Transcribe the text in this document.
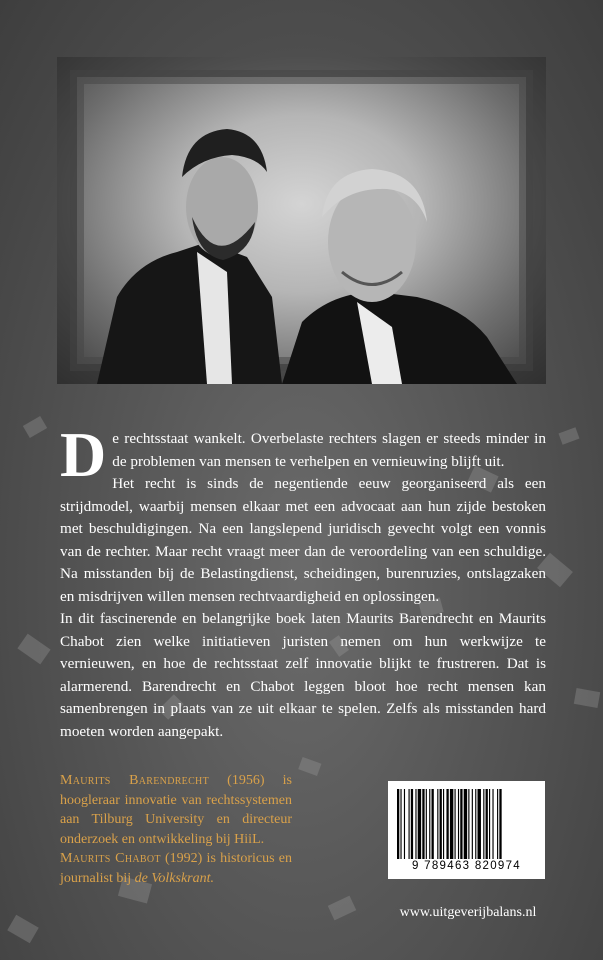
De rechtsstaat wankelt. Overbelaste rechters slagen er steeds minder in de problemen van mensen te verhelpen en vernieuwing blijft uit.

Het recht is sinds de negentiende eeuw georganiseerd als een strijdmodel, waarbij mensen elkaar met een advocaat aan hun zijde bestoken met beschuldigingen. Na een langslepend juridisch gevecht volgt een vonnis van de rechter. Maar recht vraagt meer dan de veroordeling van een schuldige. Na misstanden bij de Belastingdienst, scheidingen, burenruzies, ontslagzaken en misdrijven willen mensen rechtvaardigheid en oplossingen.

In dit fascinerende en belangrijke boek laten Maurits Barendrecht en Maurits Chabot zien welke initiatieven juristen nemen om hun werkwijze te vernieuwen, en hoe de rechtsstaat zelf innovatie blijkt te frustreren. Dat is alarmerend. Barendrecht en Chabot leggen bloot hoe recht mensen kan samenbrengen in plaats van ze uit elkaar te spelen. Zelfs als misstanden hard moeten worden aangepakt.

Maurits Barendrecht (1956) is hoogleraar innovatie van rechtssystemen aan Tilburg University en directeur onderzoek en ontwikkeling bij HiiL.

Maurits Chabot (1992) is historicus en journalist bij de Volkskrant.

9 789463 820974
www.uitgeverijbalans.nl
